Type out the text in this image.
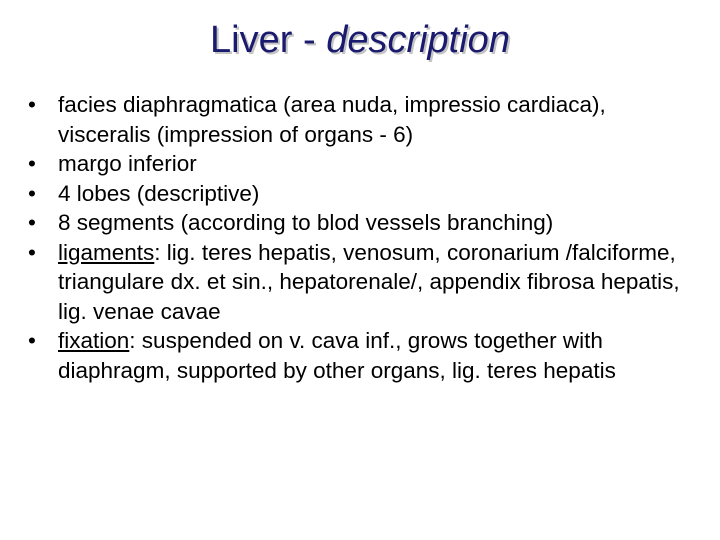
Liver - description
• facies diaphragmatica (area nuda, impressio cardiaca), visceralis (impression of organs - 6)
• margo inferior
• 4 lobes (descriptive)
• 8 segments (according to blod vessels branching)
• ligaments: lig. teres hepatis, venosum, coronarium /falciforme, triangulare dx. et sin., hepatorenale/, appendix fibrosa hepatis, lig. venae cavae
• fixation: suspended on v. cava inf., grows together with diaphragm, supported by other organs, lig. teres hepatis
